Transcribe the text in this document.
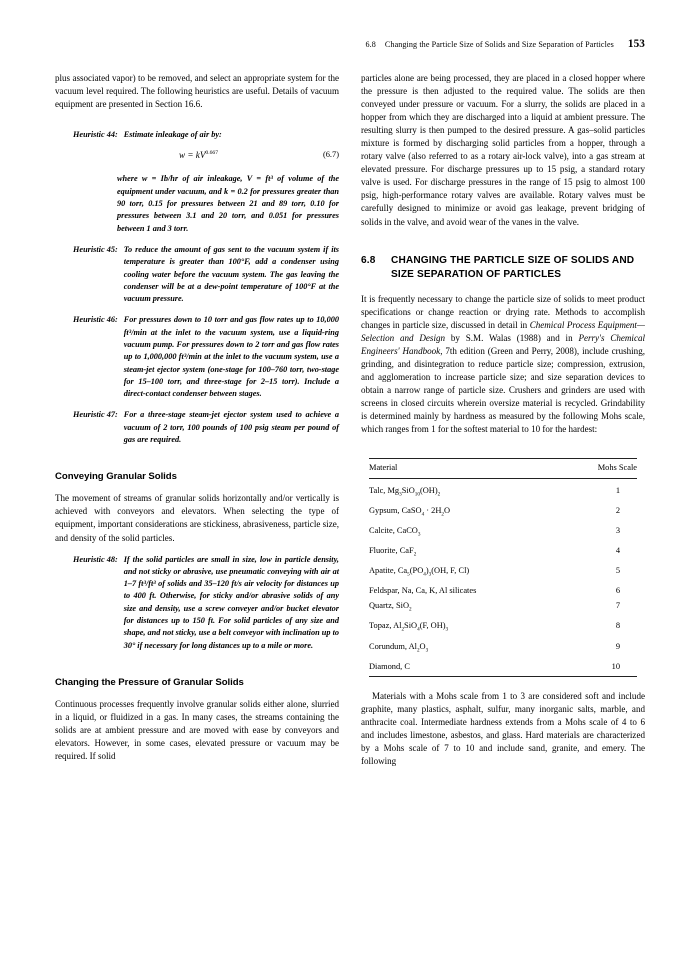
6.8 Changing the Particle Size of Solids and Size Separation of Particles 153

plus associated vapor) to be removed, and select an appropriate system for the vacuum level required. The following heuristics are useful. Details of vacuum equipment are presented in Section 16.6.

Heuristic 44: Estimate inleakage of air by:
$w = kV^{0.667}$	(6.7)
where w = Ib/hr of air inleakage, V = ft³ of volume of the equipment under vacuum, and k = 0.2 for pressures greater than 90 torr, 0.15 for pressures between 21 and 89 torr, 0.10 for pressures between 3.1 and 20 torr, and 0.051 for pressures between 1 and 3 torr.
Heuristic 45: To reduce the amount of gas sent to the vacuum system if its temperature is greater than 100°F, add a condenser using cooling water before the vacuum system. The gas leaving the condenser will be at a dew-point temperature of 100°F at the vacuum pressure.
Heuristic 46: For pressures down to 10 torr and gas flow rates up to 10,000 ft³/min at the inlet to the vacuum system, use a liquid-ring vacuum pump. For pressures down to 2 torr and gas flow rates up to 1,000,000 ft³/min at the inlet to the vacuum system, use a steam-jet ejector system (one-stage for 100–760 torr, two-stage for 15–100 torr, and three-stage for 2–15 torr). Include a direct-contact condenser between stages.
Heuristic 47: For a three-stage steam-jet ejector system used to achieve a vacuum of 2 torr, 100 pounds of 100 psig steam per pound of gas are required.
Conveying Granular Solids

The movement of streams of granular solids horizontally and/or vertically is achieved with conveyors and elevators. When selecting the type of equipment, important considerations are stickiness, abrasiveness, particle size, and density of the solid particles.

Heuristic 48: If the solid particles are small in size, low in particle density, and not sticky or abrasive, use pneumatic conveying with air at 1–7 ft³/ft³ of solids and 35–120 ft/s air velocity for distances up to 400 ft. Otherwise, for sticky and/or abrasive solids of any size and density, use a screw conveyer and/or bucket elevator for distances up to 150 ft. For solid particles of any size and shape, and not sticky, use a belt conveyor with inclination up to 30° if necessary for long distances up to a mile or more.
Changing the Pressure of Granular Solids

Continuous processes frequently involve granular solids either alone, slurried in a liquid, or fluidized in a gas. In many cases, the streams containing the solids are at ambient pressure and are moved with ease by conveyors and elevators. However, in some cases, elevated pressure or vacuum may be required. If solid

particles alone are being processed, they are placed in a closed hopper where the pressure is then adjusted to the required value. The solids are then conveyed under pressure or vacuum. For a slurry, the solids are placed in a hopper from which they are discharged into a liquid at ambient pressure. The resulting slurry is then pumped to the desired pressure. A gas–solid particles mixture is formed by discharging solid particles from a hopper, through a rotary valve (also referred to as a rotary air-lock valve), into a gas stream at elevated pressure. For discharge pressures up to 15 psig, a standard rotary valve is used. For discharge pressures in the range of 15 psig to almost 100 psig, high-performance rotary valves are available. Rotary valves must be carefully designed to minimize or avoid gas leakage, prevent bridging of solids in the valve, and avoid wear of the vanes in the valve.

6.8	CHANGING THE PARTICLE SIZE OF SOLIDS AND SIZE SEPARATION OF PARTICLES

It is frequently necessary to change the particle size of solids to meet product specifications or change reaction or drying rate. Methods to accomplish changes in particle size, discussed in detail in Chemical Process Equipment—Selection and Design by S.M. Walas (1988) and in Perry's Chemical Engineers' Handbook, 7th edition (Green and Perry, 2008), include crushing, grinding, and disintegration to reduce particle size; compression, extrusion, and agglomeration to increase particle size; and size separation devices to obtain a narrow range of particle size. Crushers and grinders are used with screens in closed circuits wherein oversize material is recycled. Grindability is determined mainly by hardness as measured by the following Mohs scale, which ranges from 1 for the softest material to 10 for the hardest:

Material	Mohs Scale
Talc, $Mg_3SiO_{10}(OH)_2$	1
Gypsum, CaSO$_4$ · $2H_2O$	2
Calcite, CaCO$_3$	3
Fluorite, CaF$_2$	4
Apatite, $Ca_5(PO_4)_3(OH$, F, Cl)	5
Feldspar, Na, Ca, K, Al silicates	6
Quartz, SiO$_2$	7
Topaz, $Al_2SiO_4(F$, $OH)_3$	8
Corundum, $Al_2O_3$	9
Diamond, C	10

Materials with a Mohs scale from 1 to 3 are considered soft and include graphite, many plastics, asphalt, sulfur, many inorganic salts, marble, and anthracite coal. Intermediate hardness extends from a Mohs scale of 4 to 6 and includes limestone, asbestos, and glass. Hard materials are characterized by a Mohs scale of 7 to 10 and include sand, granite, and emery. The following
